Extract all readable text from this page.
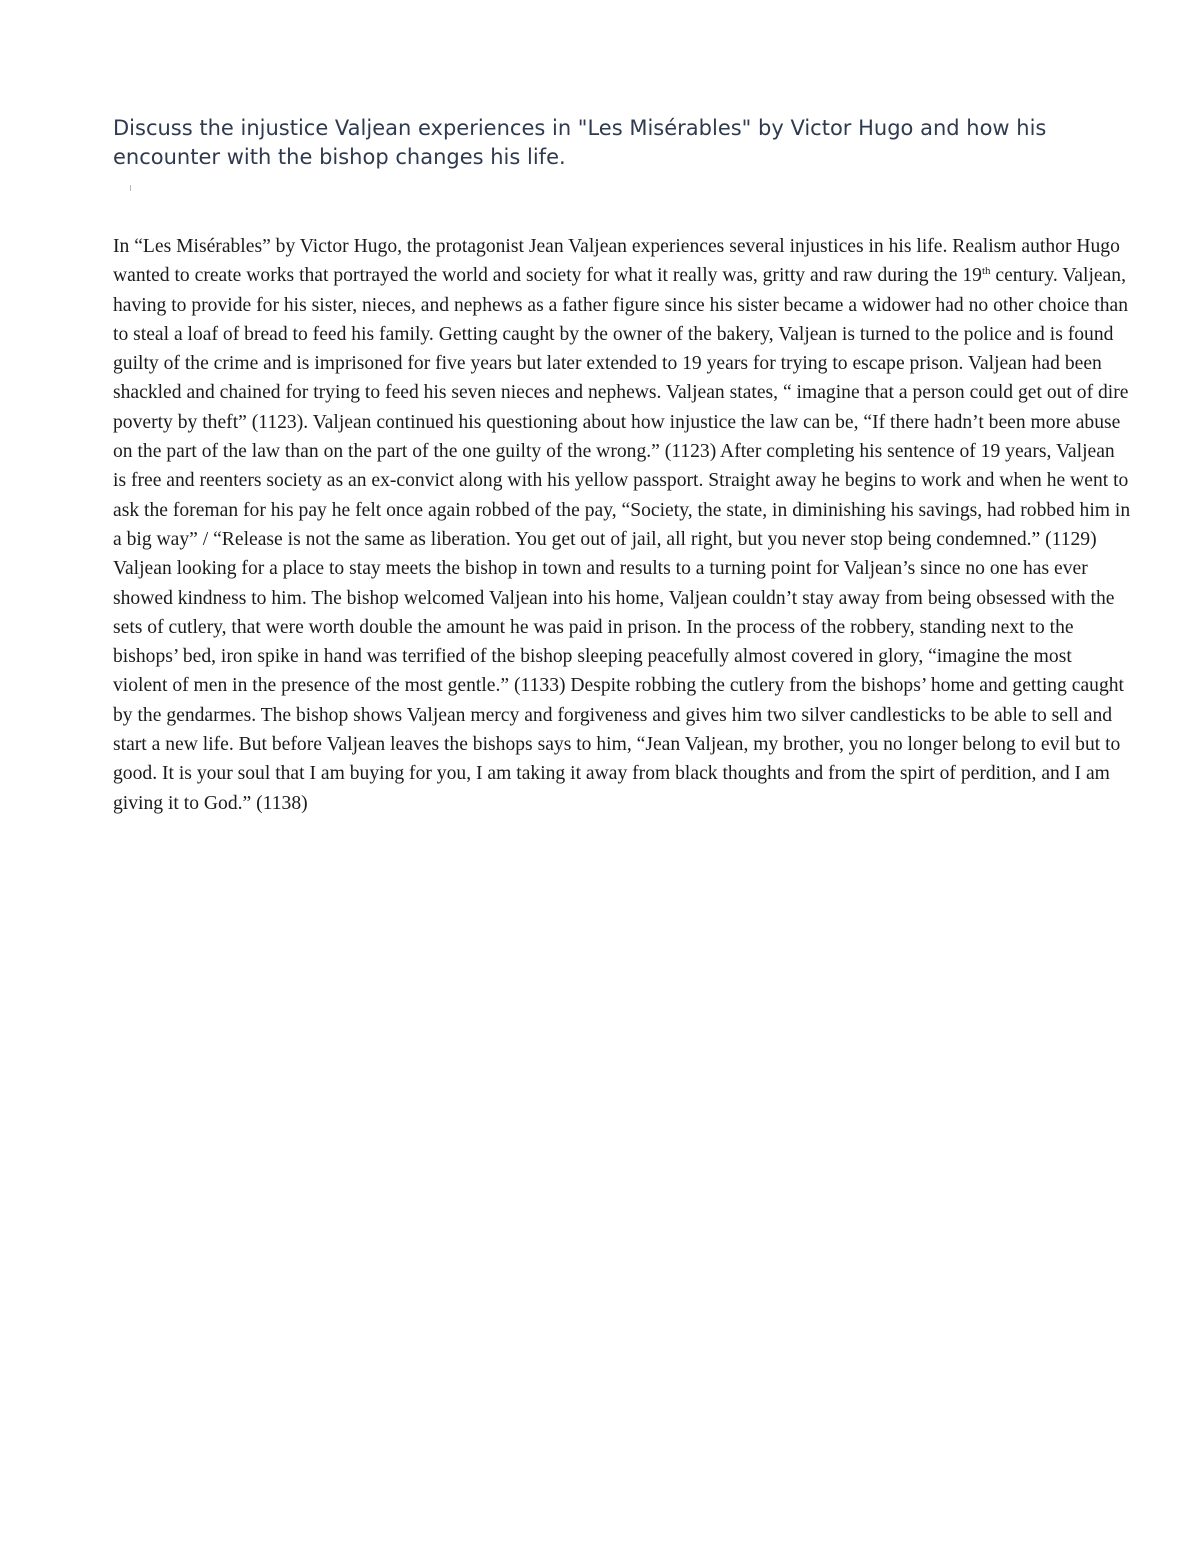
Discuss the injustice Valjean experiences in "Les Misérables" by Victor Hugo and how his encounter with the bishop changes his life.

In “Les Misérables” by Victor Hugo, the protagonist Jean Valjean experiences several injustices in his life. Realism author Hugo wanted to create works that portrayed the world and society for what it really was, gritty and raw during the 19th century. Valjean, having to provide for his sister, nieces, and nephews as a father figure since his sister became a widower had no other choice than to steal a loaf of bread to feed his family. Getting caught by the owner of the bakery, Valjean is turned to the police and is found guilty of the crime and is imprisoned for five years but later extended to 19 years for trying to escape prison. Valjean had been shackled and chained for trying to feed his seven nieces and nephews. Valjean states, “ imagine that a person could get out of dire poverty by theft” (1123). Valjean continued his questioning about how injustice the law can be, “If there hadn’t been more abuse on the part of the law than on the part of the one guilty of the wrong.” (1123) After completing his sentence of 19 years, Valjean is free and reenters society as an ex-convict along with his yellow passport. Straight away he begins to work and when he went to ask the foreman for his pay he felt once again robbed of the pay, “Society, the state, in diminishing his savings, had robbed him in a big way” / “Release is not the same as liberation. You get out of jail, all right, but you never stop being condemned.” (1129) Valjean looking for a place to stay meets the bishop in town and results to a turning point for Valjean’s since no one has ever showed kindness to him. The bishop welcomed Valjean into his home, Valjean couldn’t stay away from being obsessed with the sets of cutlery, that were worth double the amount he was paid in prison. In the process of the robbery, standing next to the bishops’ bed, iron spike in hand was terrified of the bishop sleeping peacefully almost covered in glory, “imagine the most violent of men in the presence of the most gentle.” (1133) Despite robbing the cutlery from the bishops’ home and getting caught by the gendarmes. The bishop shows Valjean mercy and forgiveness and gives him two silver candlesticks to be able to sell and start a new life. But before Valjean leaves the bishops says to him, “Jean Valjean, my brother, you no longer belong to evil but to good. It is your soul that I am buying for you, I am taking it away from black thoughts and from the spirt of perdition, and I am giving it to God.” (1138)
